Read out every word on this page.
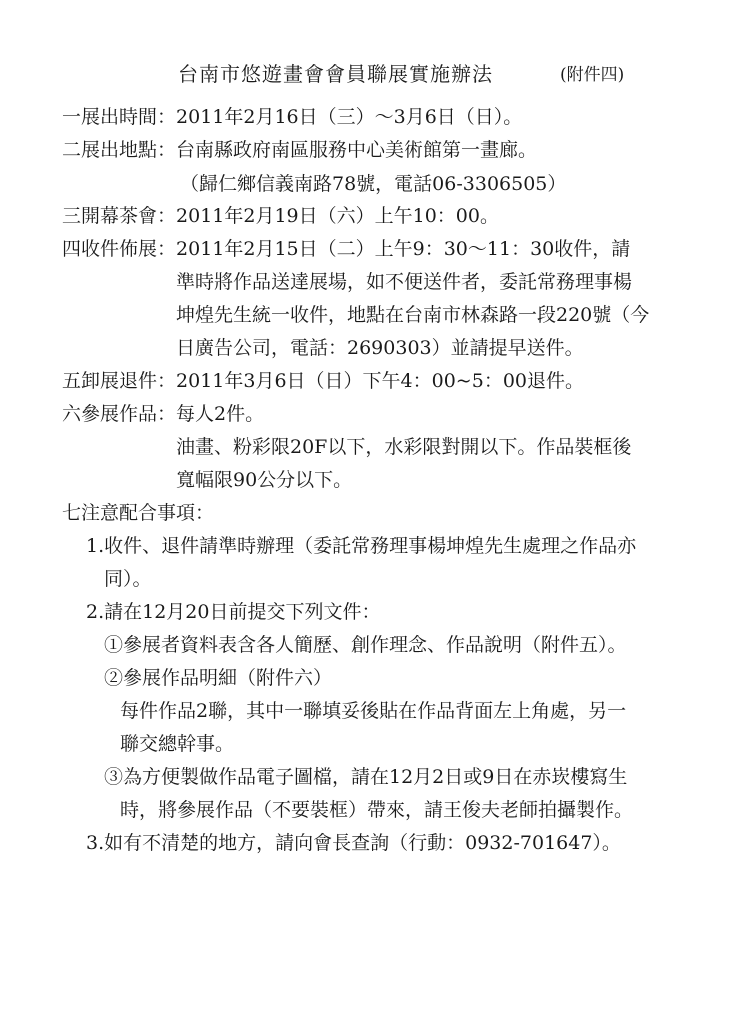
台南市悠遊畫會會員聯展實施辦法	(附件四)
一展出時間：2011年2月16日（三）～3月6日（日）。
二展出地點：台南縣政府南區服務中心美術館第一畫廊。
（歸仁鄉信義南路78號，電話06-3306505）
三開幕茶會：2011年2月19日（六）上午10：00。
四收件佈展：2011年2月15日（二）上午9：30～11：30收件，請
準時將作品送達展場，如不便送件者，委託常務理事楊
坤煌先生統一收件，地點在台南市林森路一段220號（今
日廣告公司，電話：2690303）並請提早送件。
五卸展退件：2011年3月6日（日）下午4：00~5：00退件。
六參展作品：每人2件。
油畫、粉彩限20F以下，水彩限對開以下。作品裝框後
寬幅限90公分以下。
七注意配合事項：
1.收件、退件請準時辦理（委託常務理事楊坤煌先生處理之作品亦
同）。
2.請在12月20日前提交下列文件：
①參展者資料表含各人簡歷、創作理念、作品說明（附件五）。
②參展作品明細（附件六）
每件作品2聯，其中一聯填妥後貼在作品背面左上角處，另一
聯交總幹事。
③為方便製做作品電子圖檔，請在12月2日或9日在赤崁樓寫生
時，將參展作品（不要裝框）帶來，請王俊夫老師拍攝製作。
3.如有不清楚的地方，請向會長查詢（行動：0932-701647）。
